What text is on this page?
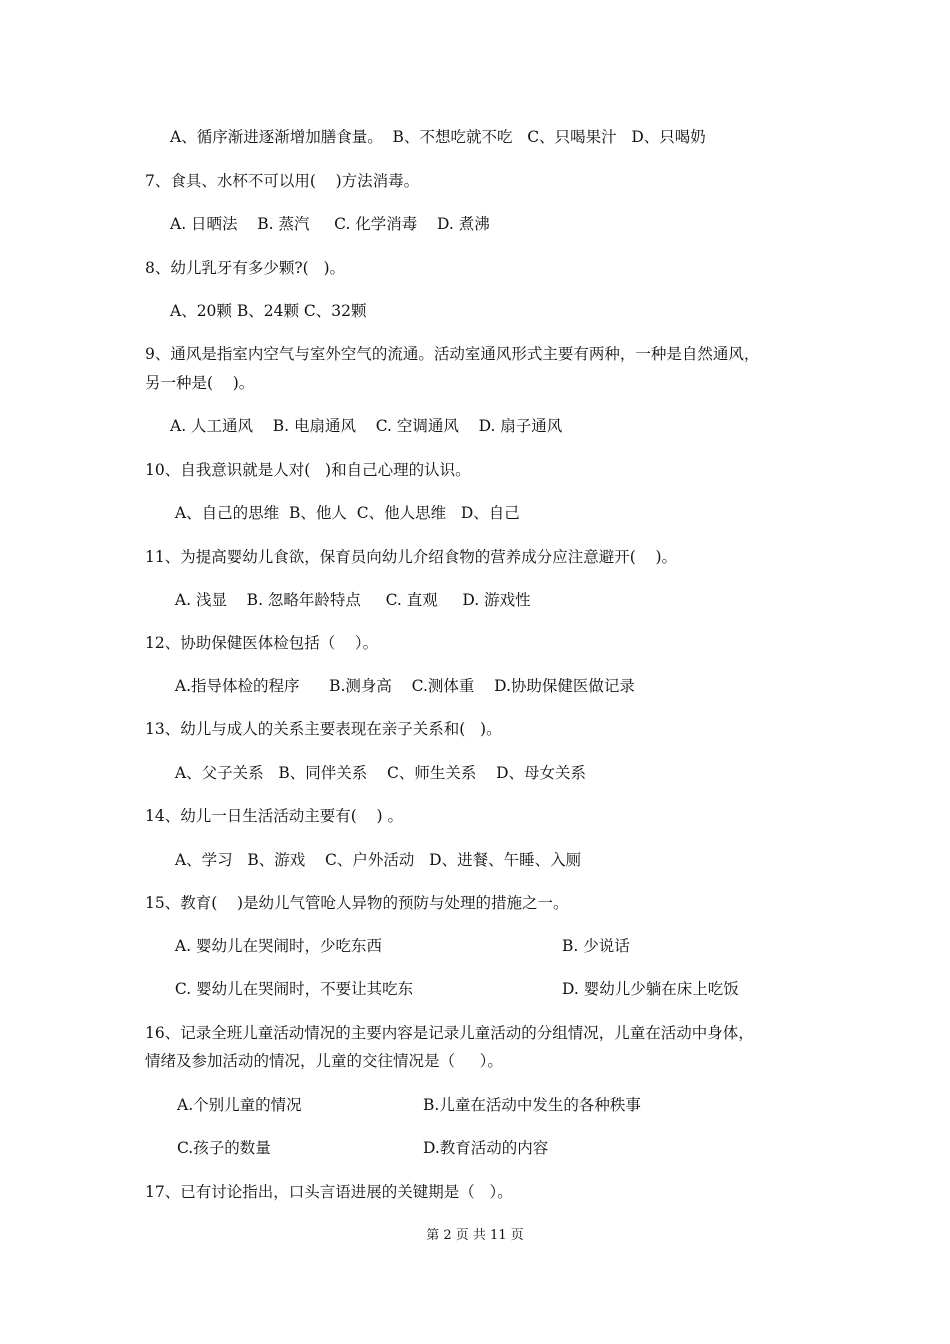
A、循序渐进逐渐增加膳食量。  B、不想吃就不吃   C、只喝果汁   D、只喝奶
7、食具、水杯不可以用(    )方法消毒。
A. 日晒法    B. 蒸汽     C. 化学消毒    D. 煮沸
8、幼儿乳牙有多少颗?(   )。
A、20颗 B、24颗 C、32颗
9、通风是指室内空气与室外空气的流通。活动室通风形式主要有两种，一种是自然通风，
另一种是(    )。
A. 人工通风    B. 电扇通风    C. 空调通风    D. 扇子通风
10、自我意识就是人对(   )和自己心理的认识。
A、自己的思维  B、他人  C、他人思维   D、自己
11、为提高婴幼儿食欲，保育员向幼儿介绍食物的营养成分应注意避开(    )。
A. 浅显    B. 忽略年龄特点     C. 直观     D. 游戏性
12、协助保健医体检包括（    ）。
A.指导体检的程序      B.测身高    C.测体重    D.协助保健医做记录
13、幼儿与成人的关系主要表现在亲子关系和(   )。
A、父子关系   B、同伴关系    C、师生关系    D、母女关系
14、幼儿一日生活活动主要有(    ) 。
A、学习   B、游戏    C、户外活动   D、进餐、午睡、入厕
15、教育(    )是幼儿气管呛人异物的预防与处理的措施之一。
A. 婴幼儿在哭闹时，少吃东西	B. 少说话
C. 婴幼儿在哭闹时，不要让其吃东	D. 婴幼儿少躺在床上吃饭
16、记录全班儿童活动情况的主要内容是记录儿童活动的分组情况，儿童在活动中身体，
情绪及参加活动的情况，儿童的交往情况是（     ）。
A.个别儿童的情况	B.儿童在活动中发生的各种秩事
C.孩子的数量	D.教育活动的内容
17、已有讨论指出，口头言语进展的关键期是（   ）。
第 2 页 共 11 页
